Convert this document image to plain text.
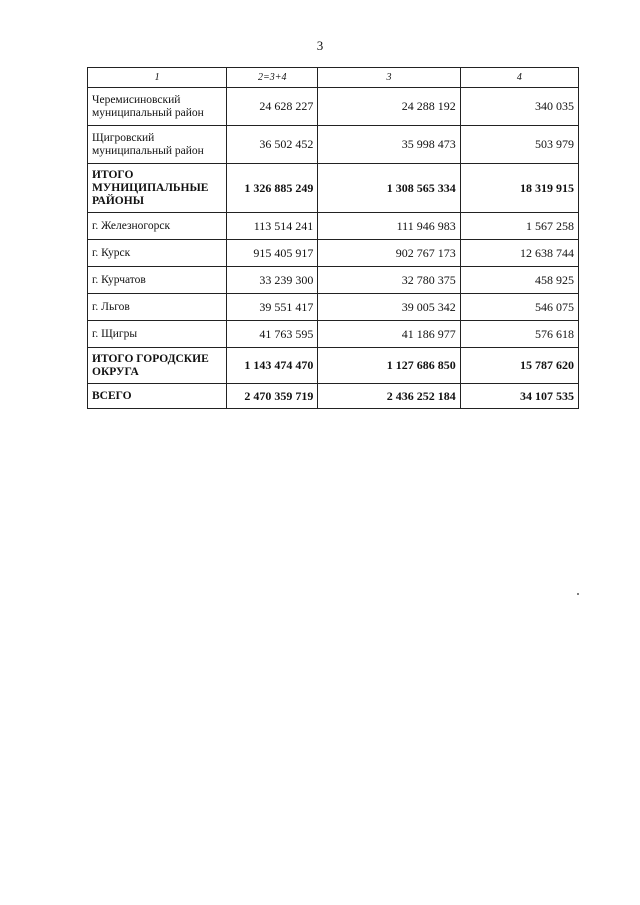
3
1	2=3+4	3	4
Черемисиновский муниципальный район	24 628 227	24 288 192	340 035
Щигровский муниципальный район	36 502 452	35 998 473	503 979
ИТОГО МУНИЦИПАЛЬНЫЕ РАЙОНЫ	1 326 885 249	1 308 565 334	18 319 915
г. Железногорск	113 514 241	111 946 983	1 567 258
г. Курск	915 405 917	902 767 173	12 638 744
г. Курчатов	33 239 300	32 780 375	458 925
г. Льгов	39 551 417	39 005 342	546 075
г. Щигры	41 763 595	41 186 977	576 618
ИТОГО ГОРОДСКИЕ ОКРУГА	1 143 474 470	1 127 686 850	15 787 620
ВСЕГО	2 470 359 719	2 436 252 184	34 107 535
